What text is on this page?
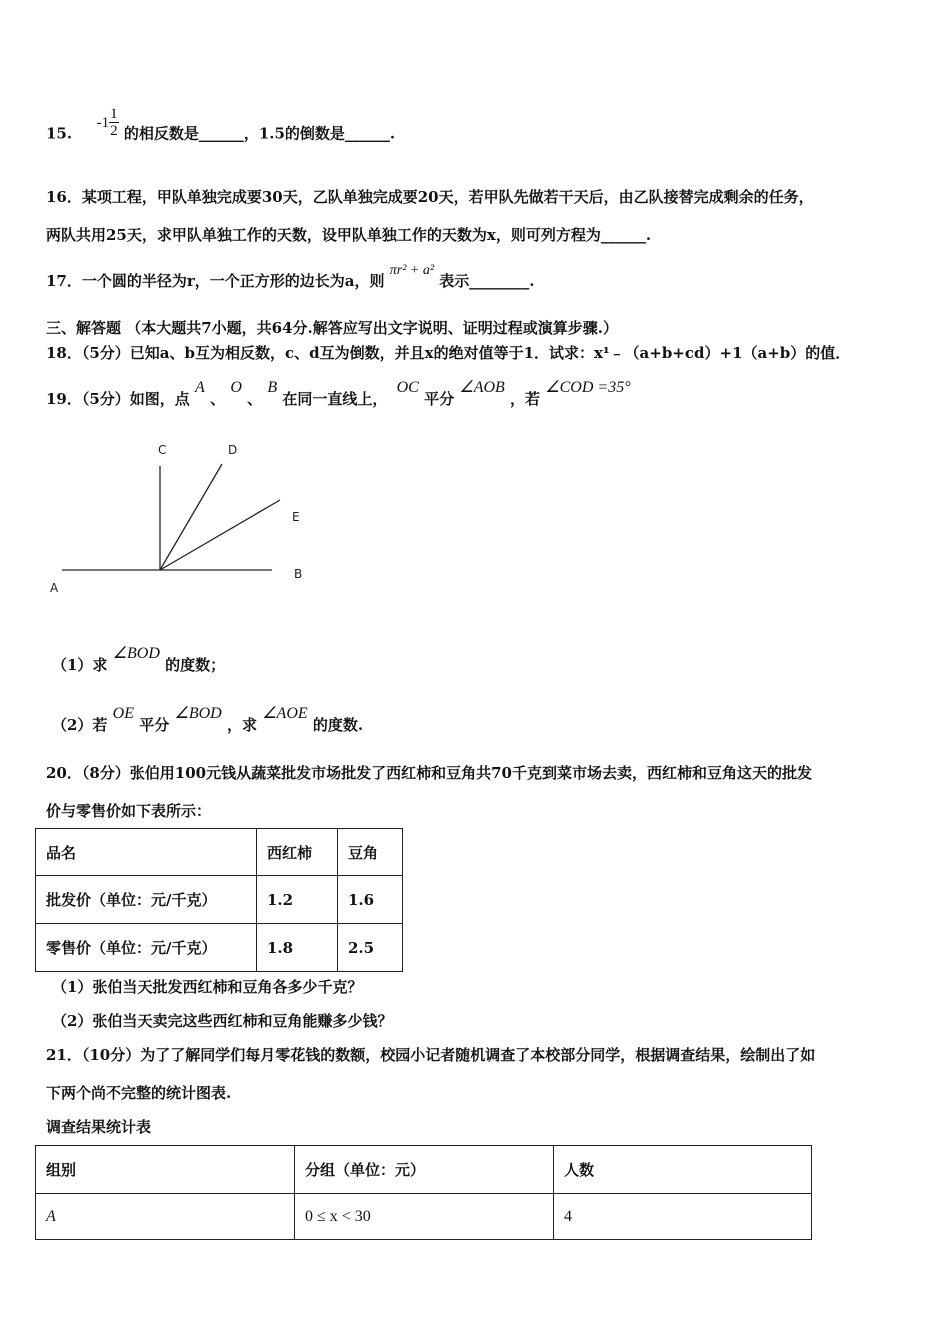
15.  $-1 \frac{1}{2}$ 的相反数是______，1.5的倒数是______.
16．某项工程，甲队单独完成要30天，乙队单独完成要20天，若甲队先做若干天后，由乙队接替完成剩余的任务，
两队共用25天，求甲队单独工作的天数，设甲队单独工作的天数为x，则可列方程为______.
17．一个圆的半径为r，一个正方形的边长为a，则 πr² + a² 表示________.
三、解答题 （本大题共7小题，共64分.解答应写出文字说明、证明过程或演算步骤.）
18．（5分）已知a、b互为相反数，c、d互为倒数，并且x的绝对值等于1．试求：x¹﹣（a+b+cd）+1（a+b）的值．
19．（5分）如图，点 A 、 O 、 B 在同一直线上， OC 平分 ∠AOB ，若 ∠COD =35°
C	D
E
A
B
（1）求 ∠BOD 的度数；
（2）若 OE 平分 ∠BOD ，求 ∠AOE 的度数.
20．（8分）张伯用100元钱从蔬菜批发市场批发了西红柿和豆角共70千克到菜市场去卖，西红柿和豆角这天的批发
价与零售价如下表所示：
品名	西红柿	豆角
批发价（单位：元/千克）	1.2	1.6
零售价（单位：元/千克）	1.8	2.5
（1）张伯当天批发西红柿和豆角各多少千克？
（2）张伯当天卖完这些西红柿和豆角能赚多少钱？
21．（10分）为了了解同学们每月零花钱的数额，校园小记者随机调查了本校部分同学，根据调查结果，绘制出了如
下两个尚不完整的统计图表.
调查结果统计表
组别	分组（单位：元）	人数
A	0 ≤ x < 30	4
